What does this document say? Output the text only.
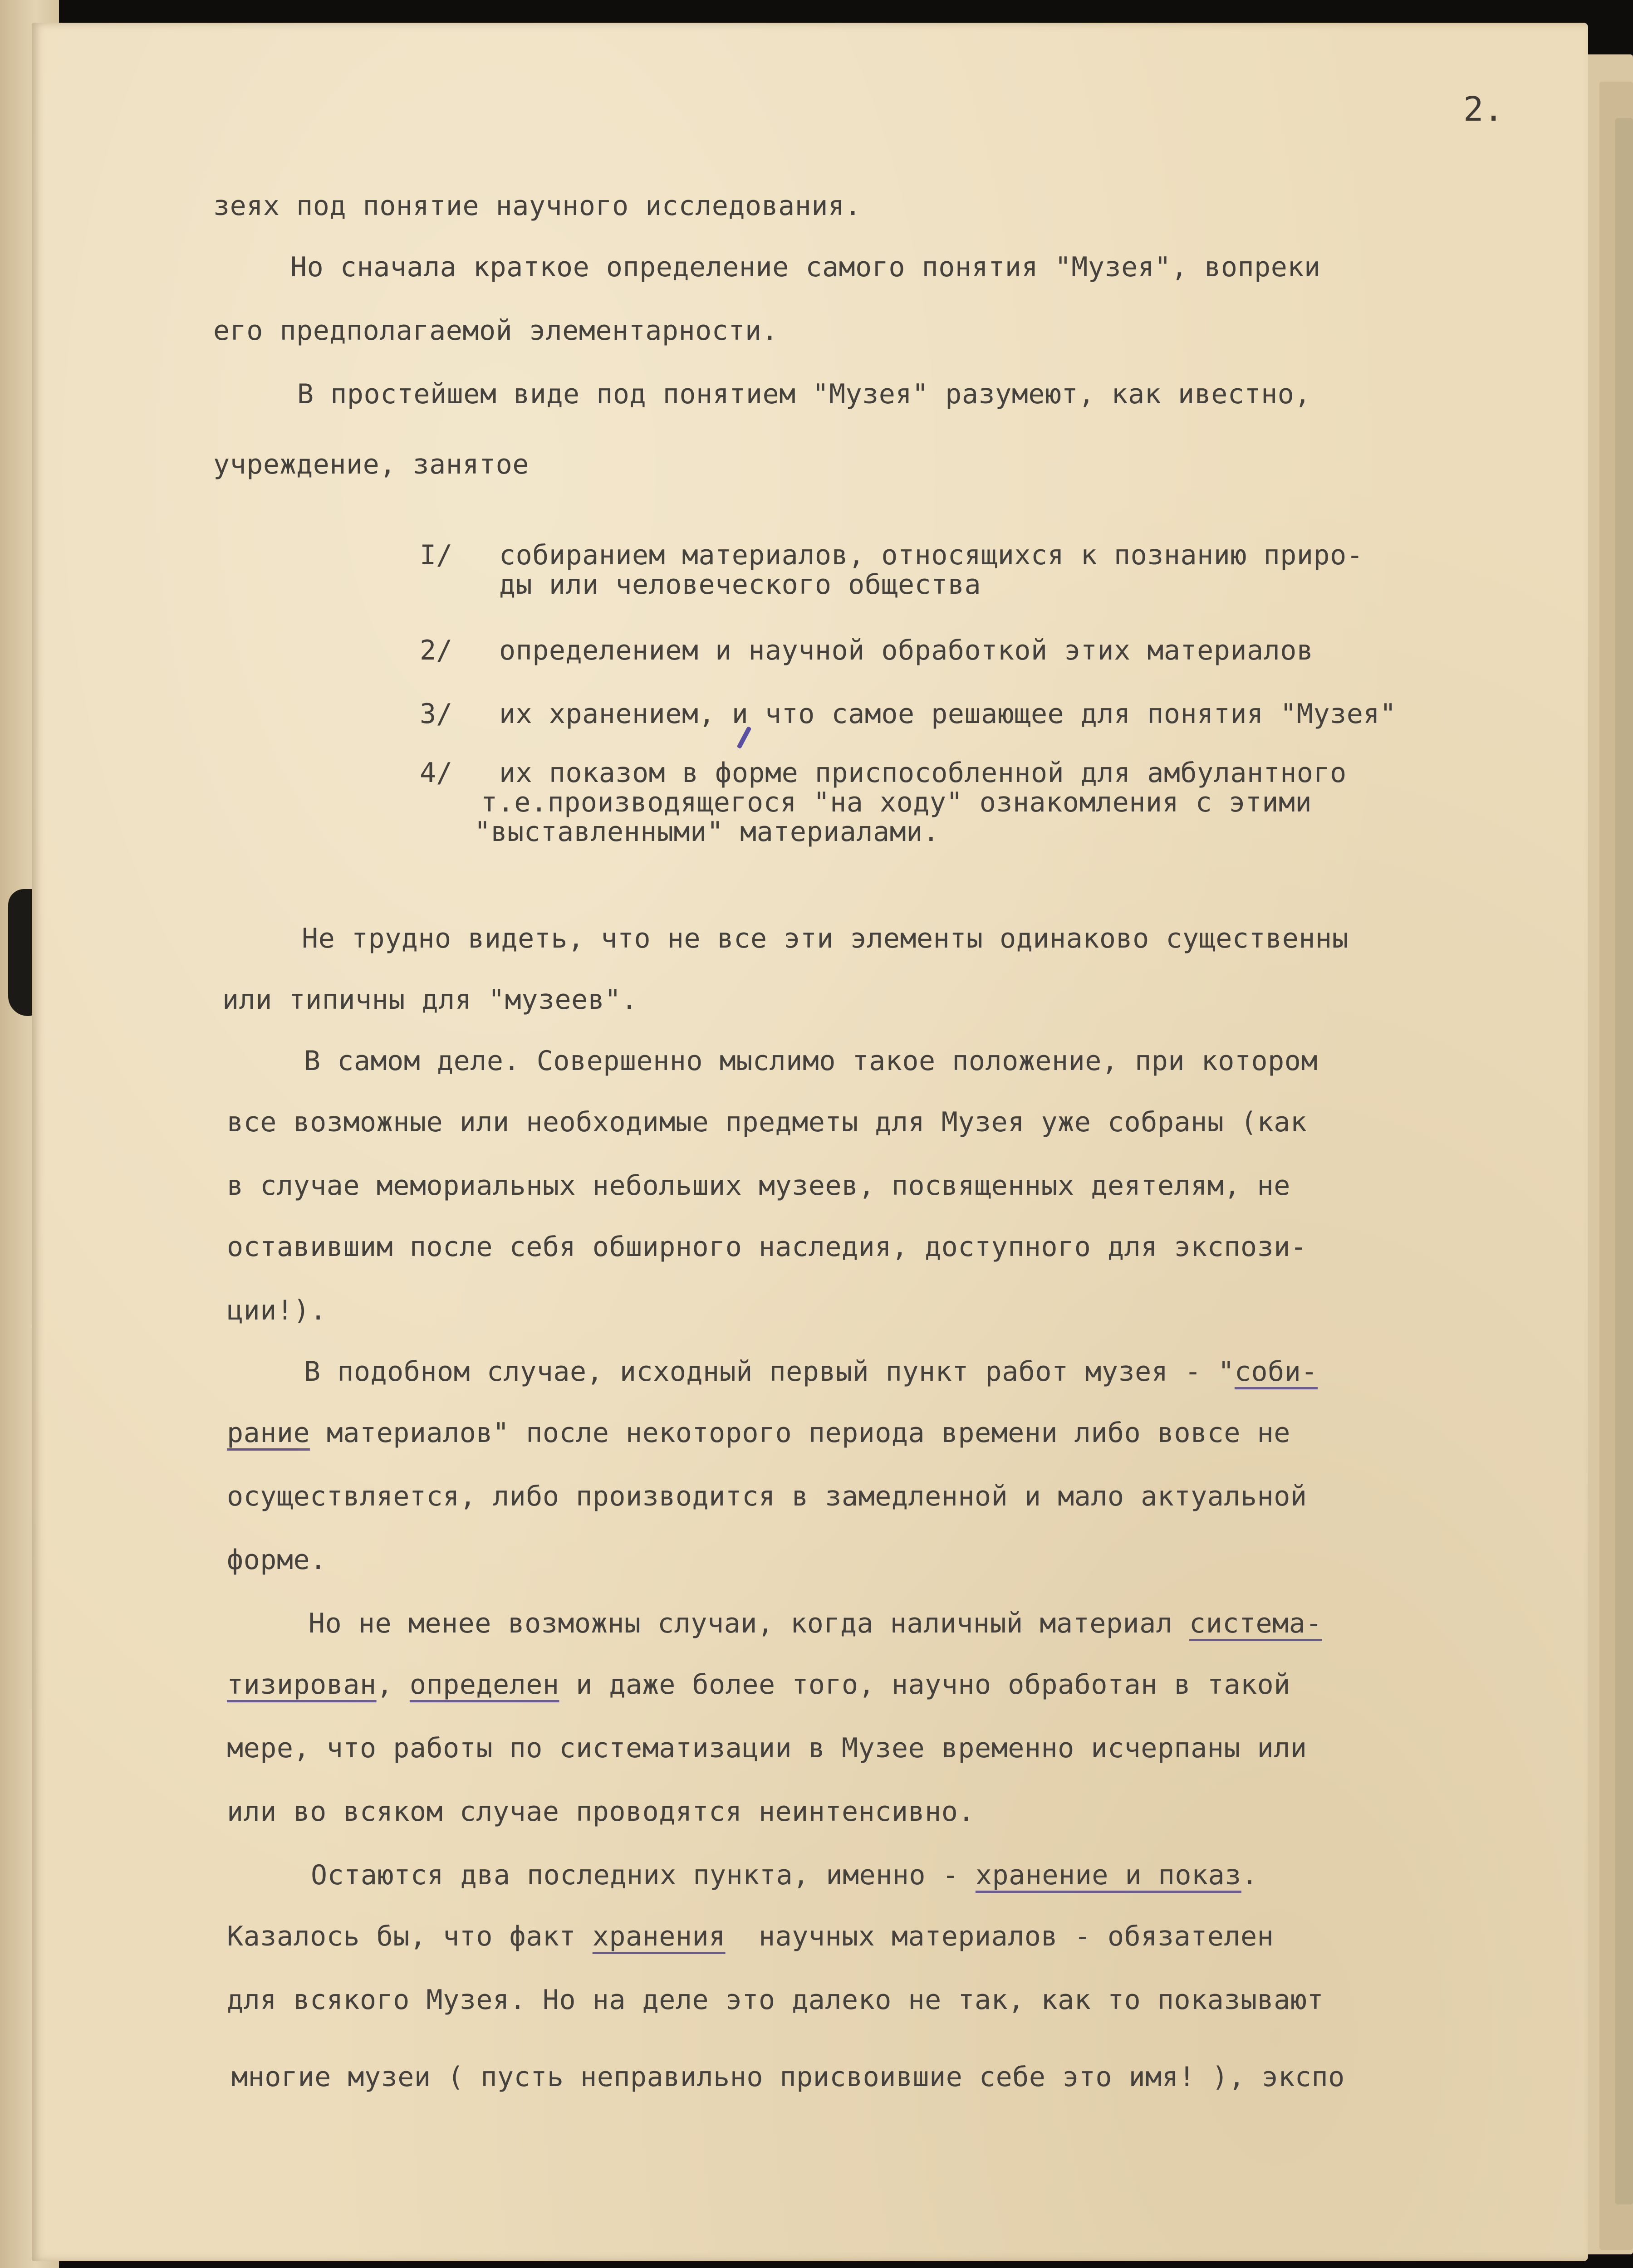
2.

зеях под понятие научного исследования.

Но сначала краткое определение самого понятия "Музея", вопреки

его предполагаемой элементарности.

В простейшем виде под понятием "Музея" разумеют, как ивестно,

учреждение, занятое

I/ собиранием материалов, относящихся к познанию приро-

ды или человеческого общества

2/ определением и научной обработкой этих материалов

3/ их хранением, и что самое решающее для понятия "Музея"

4/ их показом в форме приспособленной для амбулантного

т.е.производящегося "на ходу" ознакомления с этими

"выставленными" материалами.

Не трудно видеть, что не все эти элементы одинаково существенны

или типичны для "музеев".

В самом деле. Совершенно мыслимо такое положение, при котором

все возможные или необходимые предметы для Музея уже собраны (как

в случае мемориальных небольших музеев, посвященных деятелям, не

оставившим после себя обширного наследия, доступного для экспози-

ции!).

В подобном случае, исходный первый пункт работ музея - "соби-

рание материалов" после некоторого периода времени либо вовсе не

осуществляется, либо производится в замедленной и мало актуальной

форме.

Но не менее возможны случаи, когда наличный материал система-

тизирован, определен и даже более того, научно обработан в такой

мере, что работы по систематизации в Музее временно исчерпаны или

или во всяком случае проводятся неинтенсивно.

Остаются два последних пункта, именно - хранение и показ.

Казалось бы, что факт хранения  научных материалов - обязателен

для всякого Музея. Но на деле это далеко не так, как то показывают

многие музеи ( пусть неправильно присвоившие себе это имя! ), экспо
